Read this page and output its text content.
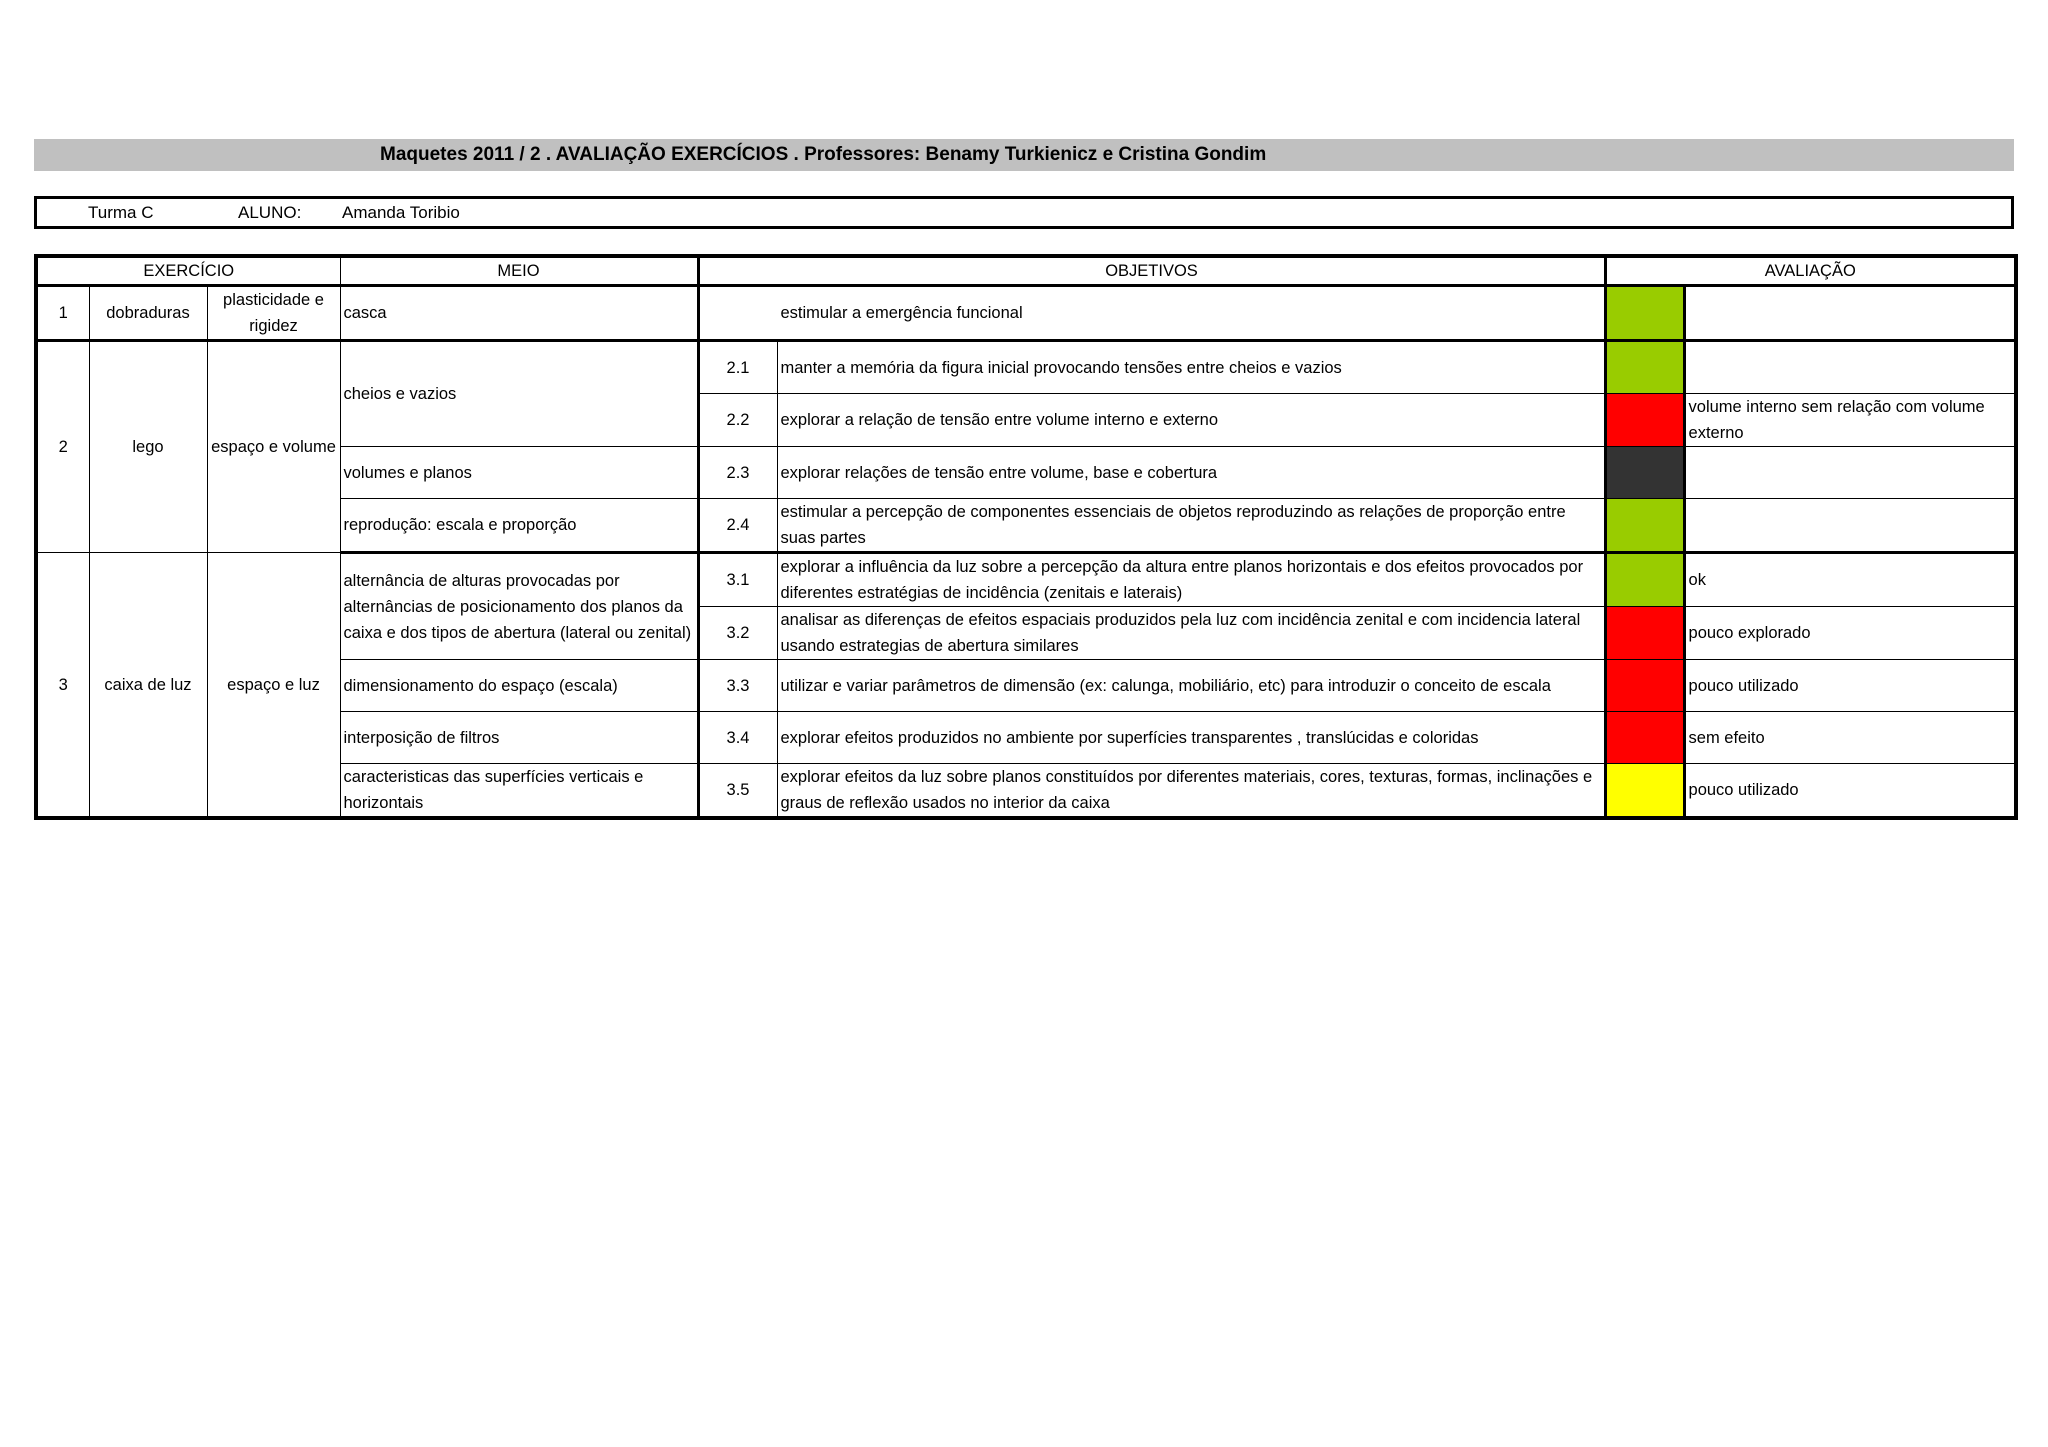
Maquetes 2011 / 2 . AVALIAÇÃO EXERCÍCIOS . Professores: Benamy Turkienicz e Cristina Gondim
Turma C	ALUNO: Amanda Toribio
EXERCÍCIO			MEIO	OBJETIVOS		AVALIAÇÃO	
1	dobraduras	plasticidade e rigidez	casca	estimular a emergência funcional			
2	lego	espaço e volume	cheios e vazios	2.1	manter a memória da figura inicial provocando tensões entre cheios e vazios		
				2.2	explorar a relação de tensão entre volume interno e externo		volume interno sem relação com volume externo
			volumes e planos	2.3	explorar relações de tensão entre volume, base e cobertura		
			reprodução: escala e proporção	2.4	estimular a percepção de componentes essenciais de objetos reproduzindo as relações de proporção entre suas partes		
3	caixa de luz	espaço e luz	alternância de alturas provocadas por alternâncias de posicionamento dos planos da caixa e dos tipos de abertura (lateral ou zenital)	3.1	explorar a influência da luz sobre a percepção da altura entre planos horizontais e dos efeitos provocados por diferentes estratégias de incidência (zenitais e laterais)		ok
				3.2	analisar as diferenças de efeitos espaciais produzidos pela luz com incidência zenital e com incidencia lateral usando estrategias de abertura similares		pouco explorado
			dimensionamento do espaço (escala)	3.3	utilizar e variar parâmetros de dimensão (ex: calunga, mobiliário, etc) para introduzir o conceito de escala		pouco utilizado
			interposição de filtros	3.4	explorar efeitos produzidos no ambiente por superfícies transparentes , translúcidas e coloridas		sem efeito
			caracteristicas das superfícies verticais e horizontais	3.5	explorar efeitos da luz sobre planos constituídos por diferentes materiais, cores, texturas, formas, inclinações e graus de reflexão usados no interior da caixa		pouco utilizado
